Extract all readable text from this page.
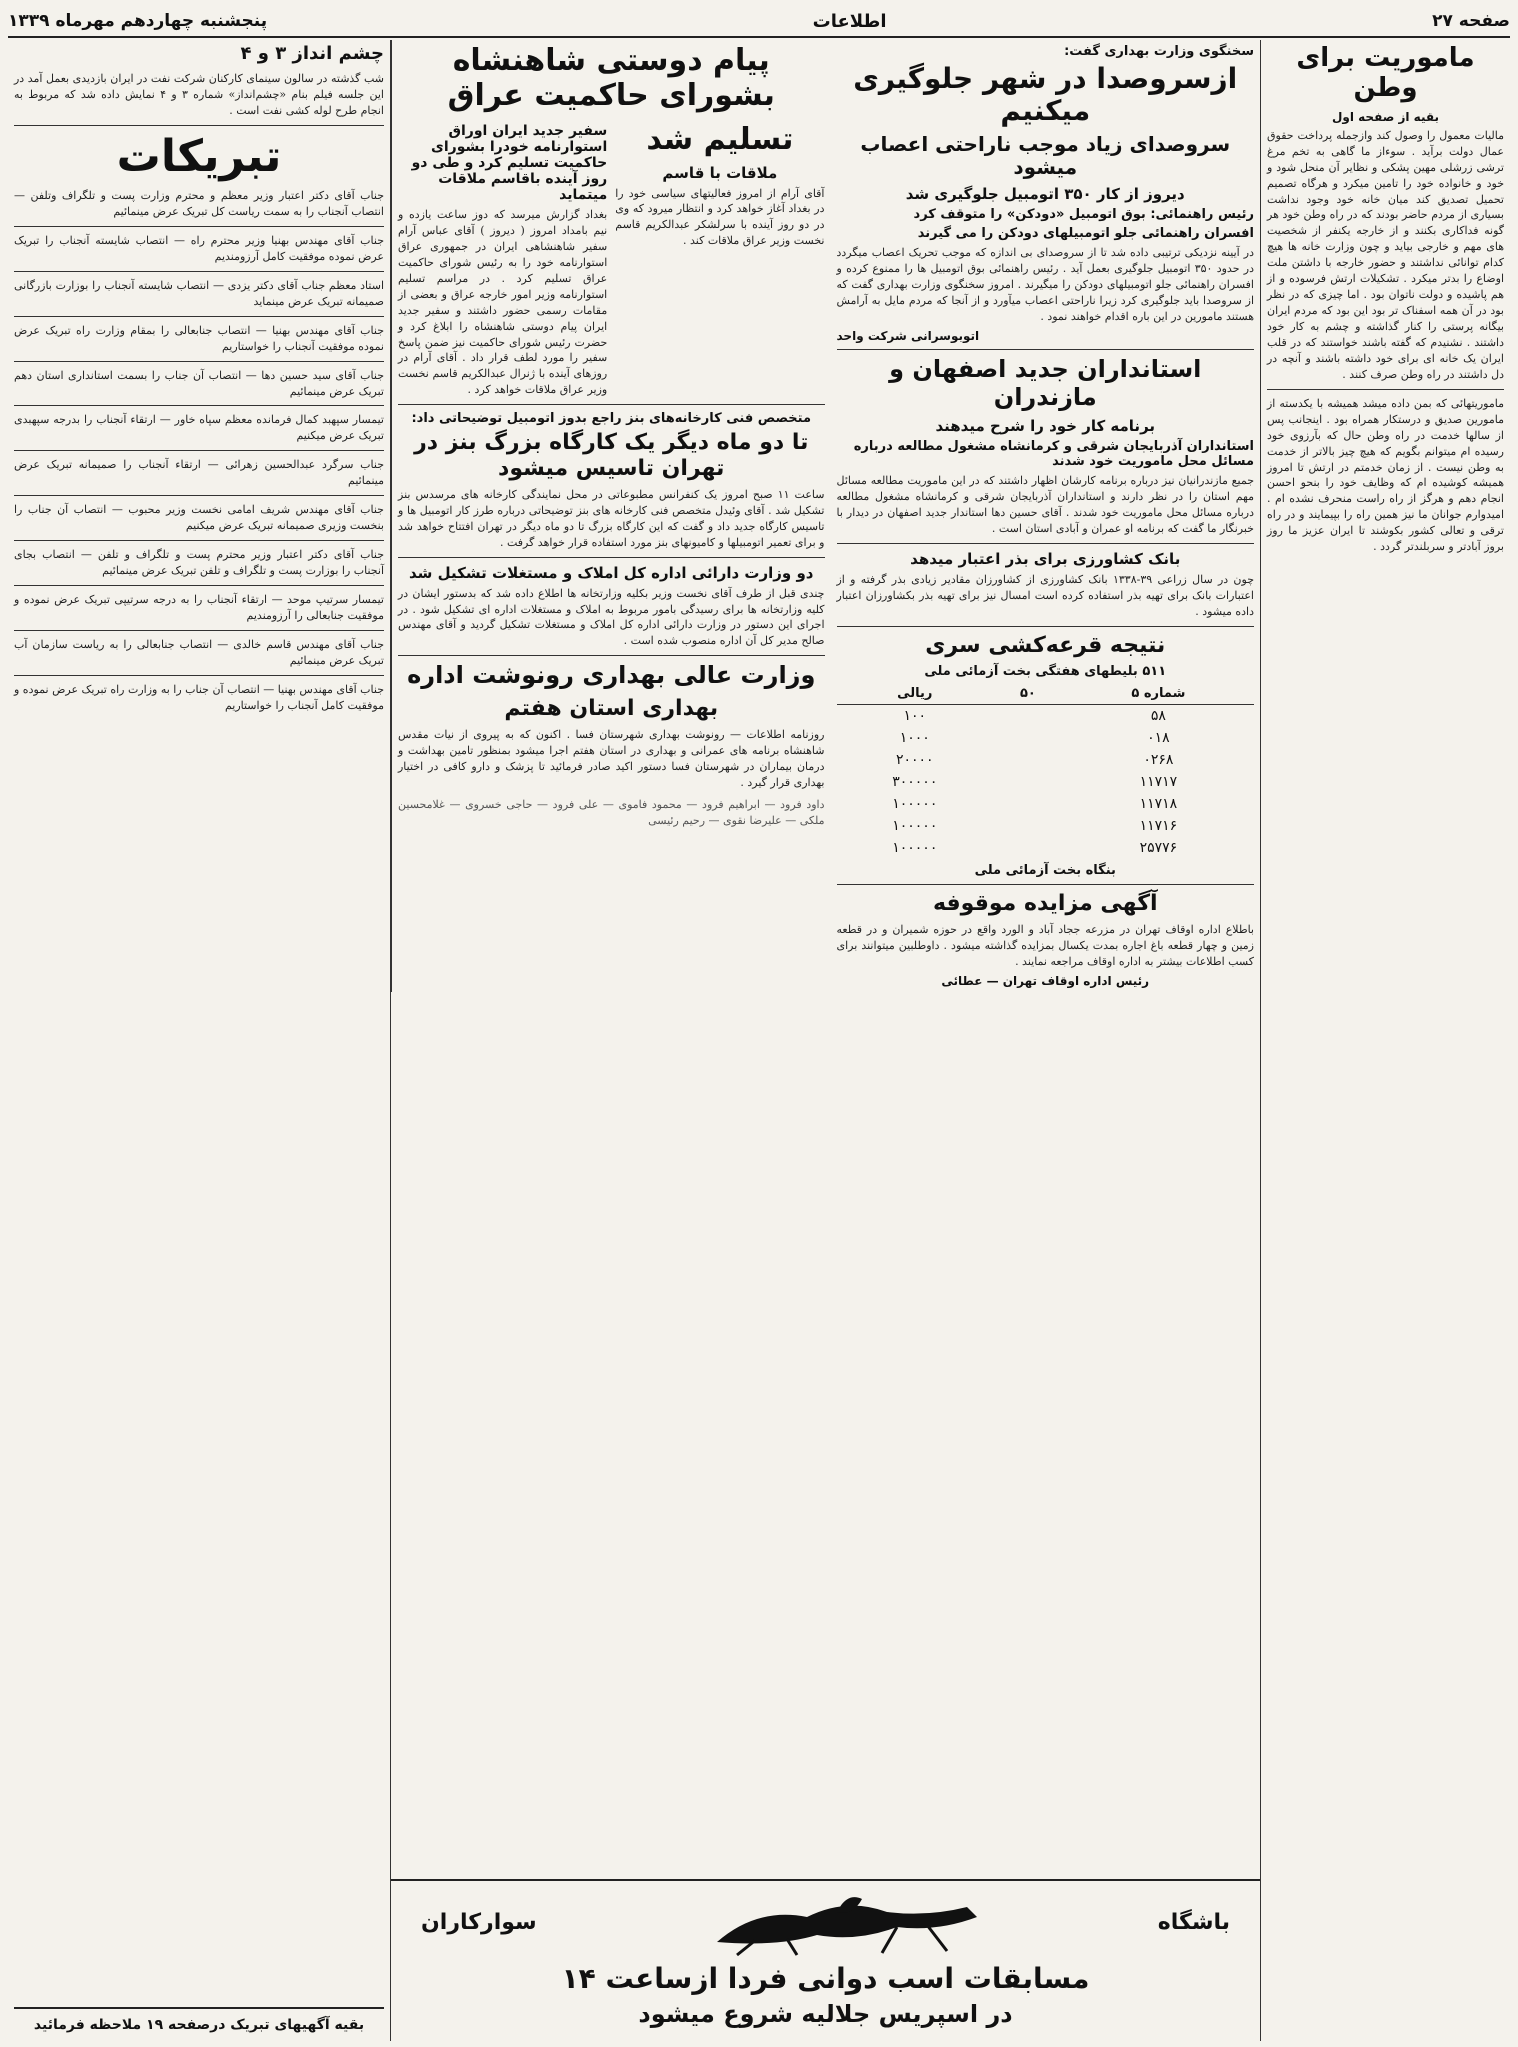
صفحه ۲۷
اطلاعات
پنجشنبه چهاردهم مهرماه ۱۳۳۹
ماموریت برای وطن
بقیه از صفحه اول
مالیات معمول را وصول کند وازجمله پرداخت حقوق عمال دولت برآید . سوءاز ما گاهی به تخم مرغ ترشی زرشلی مهین پشکی و نظایر آن منحل شود و خود و خانواده خود را تامین میکرد و هرگاه تصمیم تحمیل تصدیق کند میان خانه خود وجود نداشت بسیاری از مردم حاضر بودند که در راه وطن خود هر گونه فداکاری بکنند و از خارجه یکنفر از شخصیت های مهم و خارجی بیاید و چون وزارت خانه ها هیچ کدام توانائی نداشتند و حضور خارجه با داشتن ملت اوضاع را بدتر میکرد . تشکیلات ارتش فرسوده و از هم پاشیده و دولت ناتوان بود . اما چیزی که در نظر بود در آن همه اسفناک تر بود این بود که مردم ایران بیگانه پرستی را کنار گذاشته و چشم به کار خود داشتند . نشنیدم که گفته باشند خواستند که در قلب ایران یک خانه ای برای خود داشته باشند و آنچه در دل داشتند در راه وطن صرف کنند .
ماموریتهائی که بمن داده میشد همیشه با یکدسته از مامورین صدیق و درستکار همراه بود . اینجانب پس از سالها خدمت در راه وطن حال که بآرزوی خود رسیده ام میتوانم بگویم که هیچ چیز بالاتر از خدمت به وطن نیست . از زمان خدمتم در ارتش تا امروز همیشه کوشیده ام که وظایف خود را بنحو احسن انجام دهم و هرگز از راه راست منحرف نشده ام . امیدوارم جوانان ما نیز همین راه را بپیمایند و در راه ترقی و تعالی کشور بکوشند تا ایران عزیز ما روز بروز آبادتر و سربلندتر گردد .
پیام دوستی شاهنشاه بشورای حاکمیت عراق
سفیر جدید ایران اوراق استوارنامه خودرا بشورای حاکمیت تسلیم کرد و طی دو روز آینده باقاسم ملاقات میتماید
بغداد گزارش میرسد که دوز ساعت یازده و نیم بامداد امروز ( دیروز ) آقای عباس آرام سفیر شاهنشاهی ایران در جمهوری عراق استوارنامه خود را به رئیس شورای حاکمیت عراق تسلیم کرد . در مراسم تسلیم استوارنامه وزیر امور خارجه عراق و بعضی از مقامات رسمی حضور داشتند و سفیر جدید ایران پیام دوستی شاهنشاه را ابلاغ کرد و حضرت رئیس شورای حاکمیت نیز ضمن پاسخ سفیر را مورد لطف قرار داد . آقای آرام در روزهای آینده با ژنرال عبدالکریم قاسم نخست وزیر عراق ملاقات خواهد کرد .
تسلیم شد
ملاقات با قاسم
آقای آرام از امروز فعالیتهای سیاسی خود را در بغداد آغاز خواهد کرد و انتظار میرود که وی در دو روز آینده با سرلشکر عبدالکریم قاسم نخست وزیر عراق ملاقات کند .
متخصص فنی کارخانه‌های بنز راجع بدوز اتومبیل توضیحاتی داد:
تا دو ماه دیگر یک کارگاه بزرگ بنز در تهران تاسیس میشود
ساعت ۱۱ صبح امروز یک کنفرانس مطبوعاتی در محل نمایندگی کارخانه های مرسدس بنز تشکیل شد . آقای وئیدل متخصص فنی کارخانه های بنز توضیحاتی درباره طرز کار اتومبیل ها و تاسیس کارگاه جدید داد و گفت که این کارگاه بزرگ تا دو ماه دیگر در تهران افتتاح خواهد شد و برای تعمیر اتومبیلها و کامیونهای بنز مورد استفاده قرار خواهد گرفت .
دو وزارت دارائی اداره کل املاک و مستغلات تشکیل شد
چندی قبل از طرف آقای نخست وزیر بکلیه وزارتخانه ها اطلاع داده شد که بدستور ایشان در کلیه وزارتخانه ها برای رسیدگی بامور مربوط به املاک و مستغلات اداره ای تشکیل شود . در اجرای این دستور در وزارت دارائی اداره کل املاک و مستغلات تشکیل گردید و آقای مهندس صالح مدیر کل آن اداره منصوب شده است .
وزارت عالی بهداری رونوشت اداره
بهداری استان هفتم
روزنامه اطلاعات — رونوشت بهداری شهرستان فسا . اکنون که به پیروی از نیات مقدس شاهنشاه برنامه های عمرانی و بهداری در استان هفتم اجرا میشود بمنظور تامین بهداشت و درمان بیماران در شهرستان فسا دستور اکید صادر فرمائید تا پزشک و دارو کافی در اختیار بهداری قرار گیرد .
داود فرود — ابراهیم فرود — محمود فاموی — علی فرود — حاجی خسروی — غلامحسین ملکی — علیرضا نقوی — رحیم رئیسی
سخنگوی وزارت بهداری گفت:
ازسروصدا در شهر جلوگیری میکنیم
سروصدای زیاد موجب ناراحتی اعصاب میشود
دیروز از کار ۳۵۰ اتومبیل جلوگیری شد
رئیس راهنمائی: بوق اتومبیل «دودکن» را متوقف کرد
افسران راهنمائی جلو اتومبیلهای دودکن را می گیرند
در آیینه نزدیکی ترتیبی داده شد تا از سروصدای بی اندازه که موجب تحریک اعصاب میگردد در حدود ۳۵۰ اتومبیل جلوگیری بعمل آید . رئیس راهنمائی بوق اتومبیل ها را ممنوع کرده و افسران راهنمائی جلو اتومبیلهای دودکن را میگیرند . امروز سخنگوی وزارت بهداری گفت که از سروصدا باید جلوگیری کرد زیرا ناراحتی اعصاب میآورد و از آنجا که مردم مایل به آرامش هستند مامورین در این باره اقدام خواهند نمود .
اتوبوسرانی شرکت واحد
استانداران جدید اصفهان و مازندران
برنامه کار خود را شرح میدهند
استانداران آذربایجان شرقی و کرمانشاه مشغول مطالعه درباره مسائل محل ماموریت خود شدند
جمیع مازندرانیان نیز درباره برنامه کارشان اظهار داشتند که در این ماموریت مطالعه مسائل مهم استان را در نظر دارند و استانداران آذربایجان شرقی و کرمانشاه مشغول مطالعه درباره مسائل محل ماموریت خود شدند . آقای حسین دها استاندار جدید اصفهان در دیدار با خبرنگار ما گفت که برنامه او عمران و آبادی استان است .
بانک کشاورزی برای بذر اعتبار میدهد
چون در سال زراعی ۳۹-۱۳۳۸ بانک کشاورزی از کشاورزان مقادیر زیادی بذر گرفته و از اعتبارات بانک برای تهیه بذر استفاده کرده است امسال نیز برای تهیه بذر بکشاورزان اعتبار داده میشود .
نتیجه قرعه‌کشی سری
۵۱۱ بلیطهای هفتگی بخت آزمائی ملی
شماره ۵	۵۰	ریالی
۵۸		۱۰۰
۰۱۸		۱۰۰۰
۰۲۶۸		۲۰۰۰۰
۱۱۷۱۷		۳۰۰۰۰۰
۱۱۷۱۸		۱۰۰۰۰۰
۱۱۷۱۶		۱۰۰۰۰۰
۲۵۷۷۶		۱۰۰۰۰۰
بنگاه بخت آزمائی ملی
آگهی مزایده موقوفه
باطلاع اداره اوقاف تهران در مزرعه ججاد آباد و الورد واقع در حوزه شمیران و در قطعه زمین و چهار قطعه باغ اجاره بمدت یکسال بمزایده گذاشته میشود . داوطلبین میتوانند برای کسب اطلاعات بیشتر به اداره اوقاف مراجعه نمایند .
رئیس اداره اوقاف تهران — عطائی
باشگاه
سوارکاران
مسابقات اسب دوانی فردا ازساعت ۱۴
در اسپریس جلالیه شروع میشود
چشم انداز ۳ و ۴
شب گذشته در سالون سینمای کارکنان شرکت نفت در ایران بازدیدی بعمل آمد در این جلسه فیلم بنام «چشم‌انداز» شماره ۳ و ۴ نمایش داده شد که مربوط به انجام طرح لوله کشی نفت است .
تبریکات
جناب آقای دکتر اعتبار وزیر معظم و محترم وزارت پست و تلگراف وتلفن — انتصاب آنجناب را به سمت ریاست کل تبریک عرض مینمائیم
جناب آقای مهندس بهنیا وزیر محترم راه — انتصاب شایسته آنجناب را تبریک عرض نموده موفقیت کامل آرزومندیم
استاد معظم جناب آقای دکتر یزدی — انتصاب شایسته آنجناب را بوزارت بازرگانی صمیمانه تبریک عرض مینماید
جناب آقای مهندس بهنیا — انتصاب جنابعالی را بمقام وزارت راه تبریک عرض نموده موفقیت آنجناب را خواستاریم
جناب آقای سید حسین دها — انتصاب آن جناب را بسمت استانداری استان دهم تبریک عرض مینمائیم
تیمسار سپهبد کمال فرمانده معظم سپاه خاور — ارتقاء آنجناب را بدرجه سپهبدی تبریک عرض میکنیم
جناب سرگرد عبدالحسین زهرائی — ارتقاء آنجناب را صمیمانه تبریک عرض مینمائیم
جناب آقای مهندس شریف امامی نخست وزیر محبوب — انتصاب آن جناب را بنخست وزیری صمیمانه تبریک عرض میکنیم
جناب آقای دکتر اعتبار وزیر محترم پست و تلگراف و تلفن — انتصاب بجای آنجناب را بوزارت پست و تلگراف و تلفن تبریک عرض مینمائیم
تیمسار سرتیپ موحد — ارتقاء آنجناب را به درجه سرتیپی تبریک عرض نموده و موفقیت جنابعالی را آرزومندیم
جناب آقای مهندس قاسم خالدی — انتصاب جنابعالی را به ریاست سازمان آب تبریک عرض مینمائیم
جناب آقای مهندس بهنیا — انتصاب آن جناب را به وزارت راه تبریک عرض نموده و موفقیت کامل آنجناب را خواستاریم
بقیه آگهیهای تبریک درصفحه ۱۹ ملاحظه فرمائید
